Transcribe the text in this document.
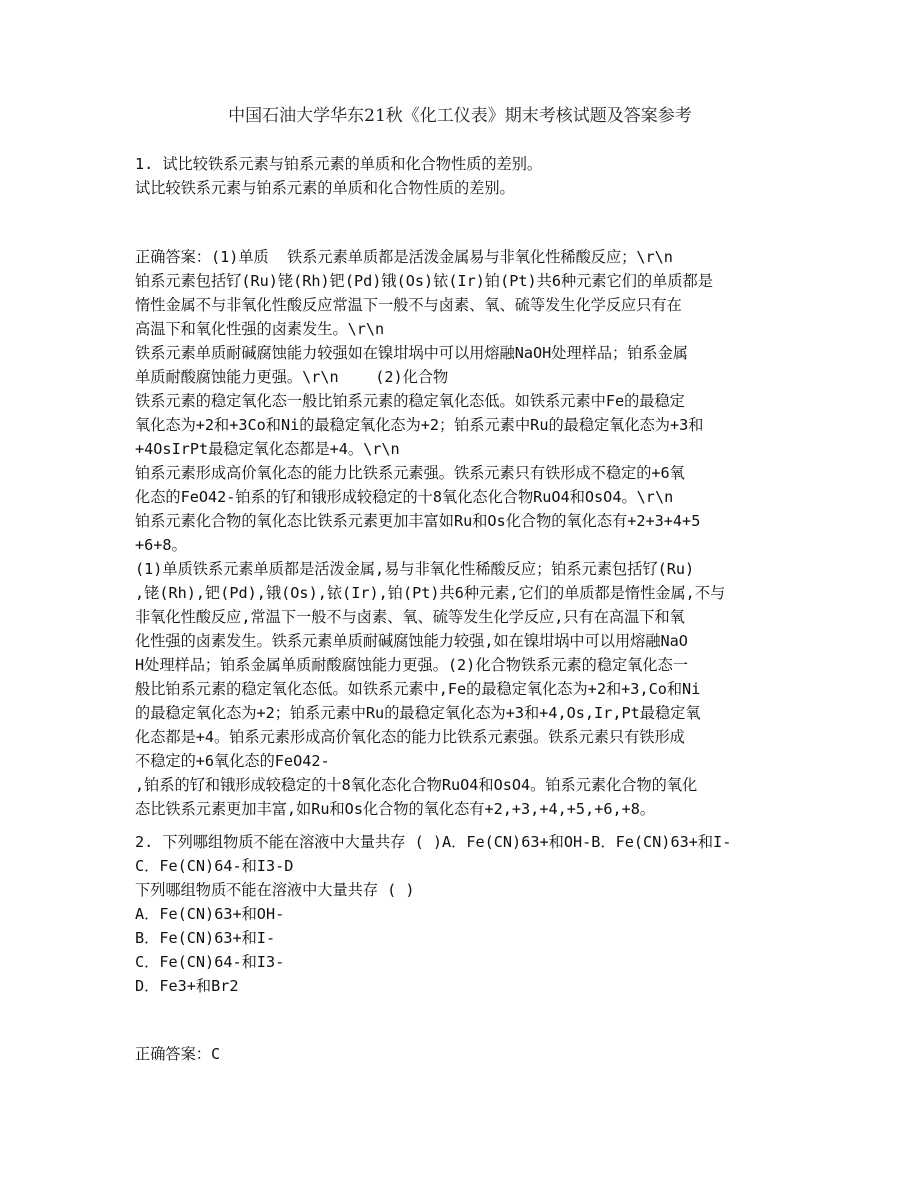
中国石油大学华东21秋《化工仪表》期末考核试题及答案参考
1. 试比较铁系元素与铂系元素的单质和化合物性质的差别。
试比较铁系元素与铂系元素的单质和化合物性质的差别。
正确答案：(1)单质  铁系元素单质都是活泼金属易与非氧化性稀酸反应；\r\n
铂系元素包括钌(Ru)铑(Rh)钯(Pd)锇(Os)铱(Ir)铂(Pt)共6种元素它们的单质都是
惰性金属不与非氧化性酸反应常温下一般不与卤素、氧、硫等发生化学反应只有在
高温下和氧化性强的卤素发生。\r\n
铁系元素单质耐碱腐蚀能力较强如在镍坩埚中可以用熔融NaOH处理样品；铂系金属
单质耐酸腐蚀能力更强。\r\n    (2)化合物
铁系元素的稳定氧化态一般比铂系元素的稳定氧化态低。如铁系元素中Fe的最稳定
氧化态为+2和+3Co和Ni的最稳定氧化态为+2；铂系元素中Ru的最稳定氧化态为+3和
+4OsIrPt最稳定氧化态都是+4。\r\n
铂系元素形成高价氧化态的能力比铁系元素强。铁系元素只有铁形成不稳定的+6氧
化态的FeO42-铂系的钌和锇形成较稳定的十8氧化态化合物RuO4和OsO4。\r\n
铂系元素化合物的氧化态比铁系元素更加丰富如Ru和Os化合物的氧化态有+2+3+4+5
+6+8。
(1)单质铁系元素单质都是活泼金属,易与非氧化性稀酸反应；铂系元素包括钌(Ru)
,铑(Rh),钯(Pd),锇(Os),铱(Ir),铂(Pt)共6种元素,它们的单质都是惰性金属,不与
非氧化性酸反应,常温下一般不与卤素、氧、硫等发生化学反应,只有在高温下和氧
化性强的卤素发生。铁系元素单质耐碱腐蚀能力较强,如在镍坩埚中可以用熔融NaO
H处理样品；铂系金属单质耐酸腐蚀能力更强。(2)化合物铁系元素的稳定氧化态一
般比铂系元素的稳定氧化态低。如铁系元素中,Fe的最稳定氧化态为+2和+3,Co和Ni
的最稳定氧化态为+2；铂系元素中Ru的最稳定氧化态为+3和+4,Os,Ir,Pt最稳定氧
化态都是+4。铂系元素形成高价氧化态的能力比铁系元素强。铁系元素只有铁形成
不稳定的+6氧化态的FeO42-
,铂系的钌和锇形成较稳定的十8氧化态化合物RuO4和OsO4。铂系元素化合物的氧化
态比铁系元素更加丰富,如Ru和Os化合物的氧化态有+2,+3,+4,+5,+6,+8。
2. 下列哪组物质不能在溶液中大量共存 ( )A．Fe(CN)63+和OH-B．Fe(CN)63+和I-
C．Fe(CN)64-和I3-D
下列哪组物质不能在溶液中大量共存 ( )
A．Fe(CN)63+和OH-
B．Fe(CN)63+和I-
C．Fe(CN)64-和I3-
D．Fe3+和Br2
正确答案：C
